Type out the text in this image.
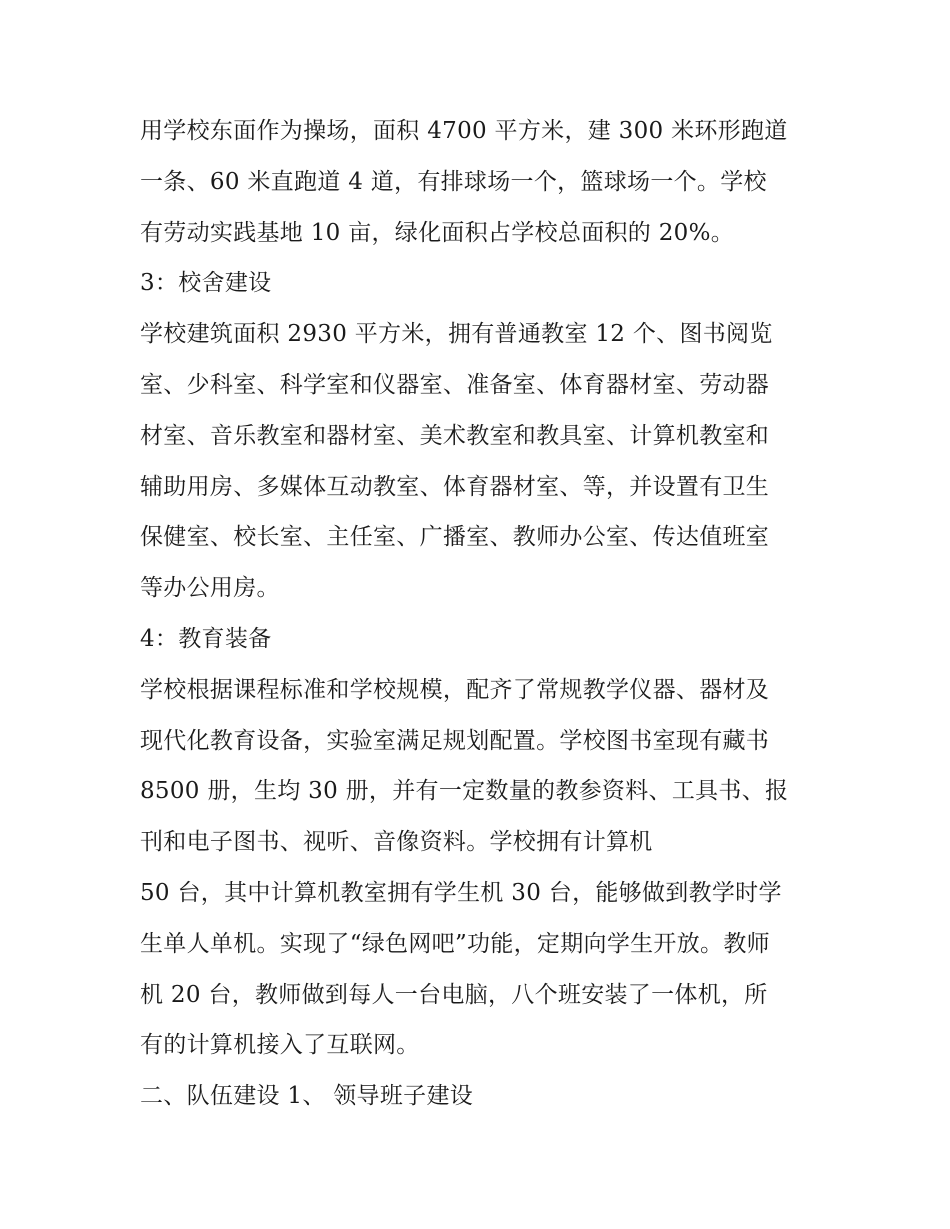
用学校东面作为操场，面积 4700 平方米，建 300 米环形跑道
一条、60 米直跑道 4 道，有排球场一个，篮球场一个。学校
有劳动实践基地 10 亩，绿化面积占学校总面积的 20%。
3：校舍建设
学校建筑面积 2930 平方米，拥有普通教室 12 个、图书阅览
室、少科室、科学室和仪器室、准备室、体育器材室、劳动器
材室、音乐教室和器材室、美术教室和教具室、计算机教室和
辅助用房、多媒体互动教室、体育器材室、等，并设置有卫生
保健室、校长室、主任室、广播室、教师办公室、传达值班室
等办公用房。
4：教育装备
学校根据课程标准和学校规模，配齐了常规教学仪器、器材及
现代化教育设备，实验室满足规划配置。学校图书室现有藏书
8500 册，生均 30 册，并有一定数量的教参资料、工具书、报
刊和电子图书、视听、音像资料。学校拥有计算机
50 台，其中计算机教室拥有学生机 30 台，能够做到教学时学
生单人单机。实现了“绿色网吧”功能，定期向学生开放。教师
机 20 台，教师做到每人一台电脑，八个班安装了一体机，所
有的计算机接入了互联网。
二、队伍建设 1、 领导班子建设
